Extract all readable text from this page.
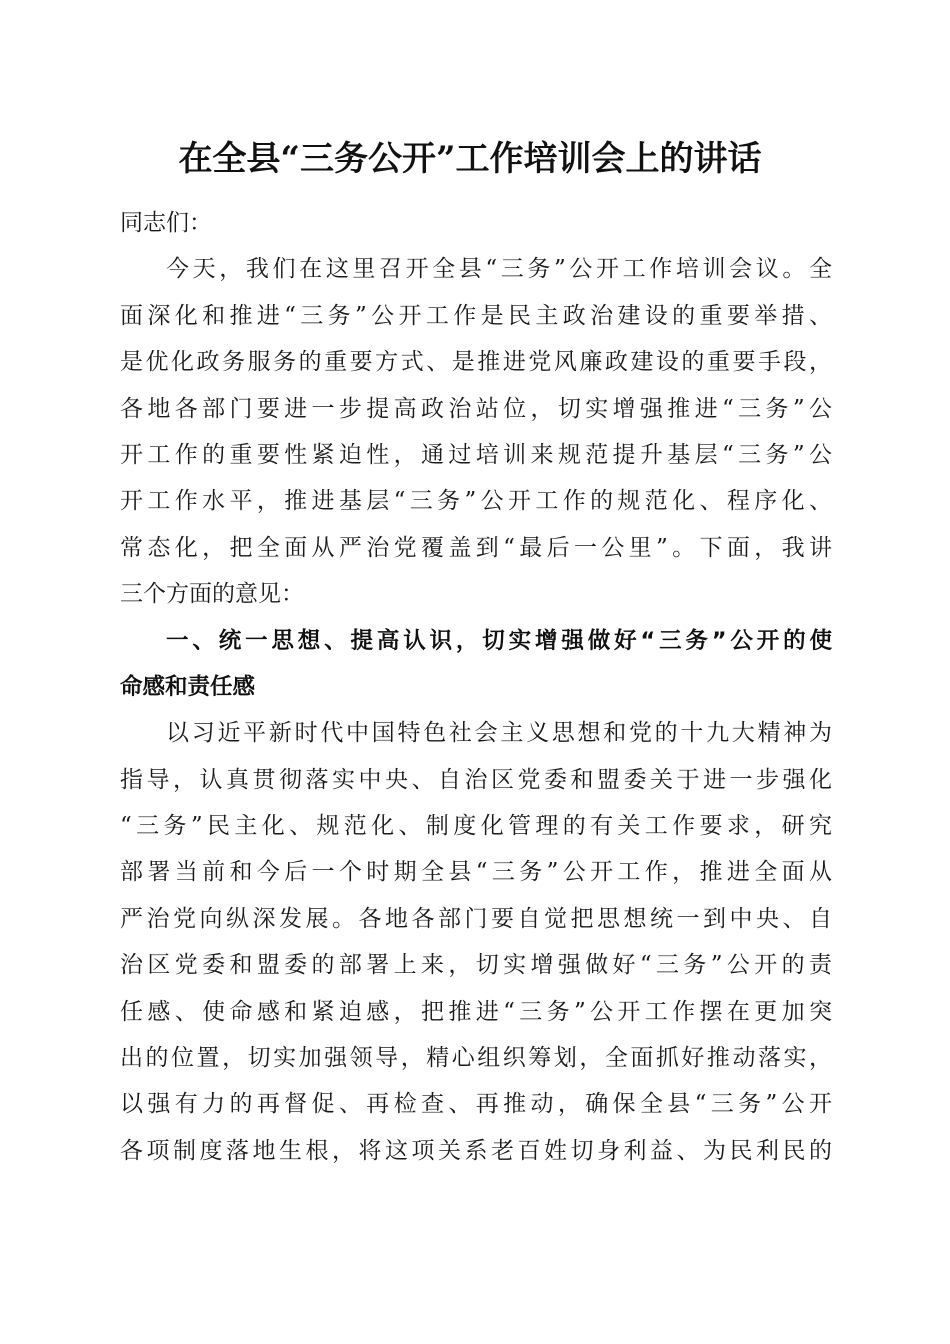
在全县“三务公开”工作培训会上的讲话
同志们：
今天，我们在这里召开全县“三务”公开工作培训会议。全
面深化和推进“三务”公开工作是民主政治建设的重要举措、
是优化政务服务的重要方式、是推进党风廉政建设的重要手段，
各地各部门要进一步提高政治站位，切实增强推进“三务”公
开工作的重要性紧迫性，通过培训来规范提升基层“三务”公
开工作水平，推进基层“三务”公开工作的规范化、程序化、
常态化，把全面从严治党覆盖到“最后一公里”。下面，我讲
三个方面的意见：
一、统一思想、提高认识，切实增强做好“三务”公开的使
命感和责任感
以习近平新时代中国特色社会主义思想和党的十九大精神为
指导，认真贯彻落实中央、自治区党委和盟委关于进一步强化
“三务”民主化、规范化、制度化管理的有关工作要求，研究
部署当前和今后一个时期全县“三务”公开工作，推进全面从
严治党向纵深发展。各地各部门要自觉把思想统一到中央、自
治区党委和盟委的部署上来，切实增强做好“三务”公开的责
任感、使命感和紧迫感，把推进“三务”公开工作摆在更加突
出的位置，切实加强领导，精心组织筹划，全面抓好推动落实，
以强有力的再督促、再检查、再推动，确保全县“三务”公开
各项制度落地生根，将这项关系老百姓切身利益、为民利民的
